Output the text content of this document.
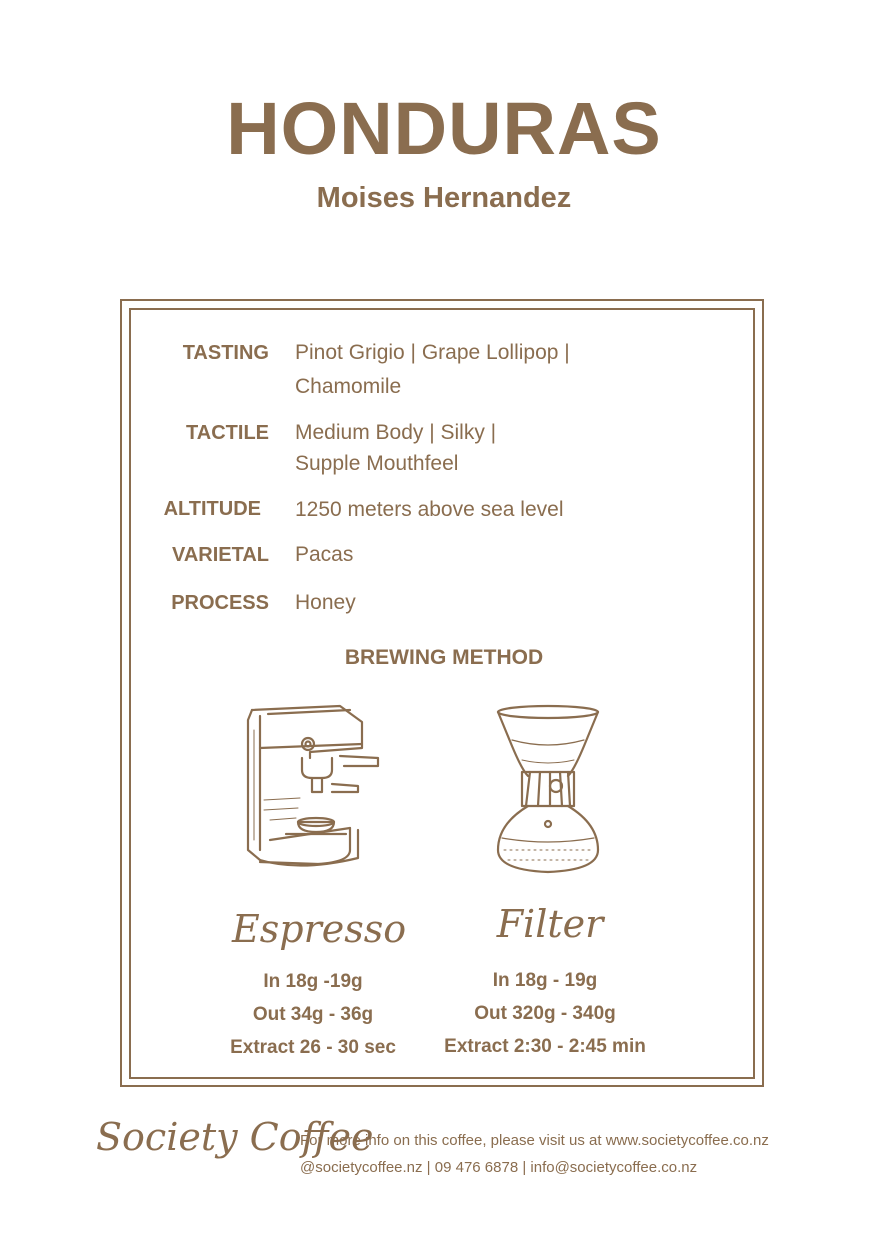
HONDURAS
Moises Hernandez
TASTING Pinot Grigio | Grape Lollipop |
Chamomile
TACTILE Medium Body | Silky |
Supple Mouthfeel
ALTITUDE 1250 meters above sea level
VARIETAL Pacas
PROCESS Honey
BREWING METHOD
Espresso	Filter
In 18g -19g
Out 34g - 36g
Extract 26 - 30 sec
In 18g - 19g
Out 320g - 340g
Extract 2:30 - 2:45 min
Society Coffee
For more info on this coffee, please visit us at www.societycoffee.co.nz
@societycoffee.nz | 09 476 6878 | info@societycoffee.co.nz
